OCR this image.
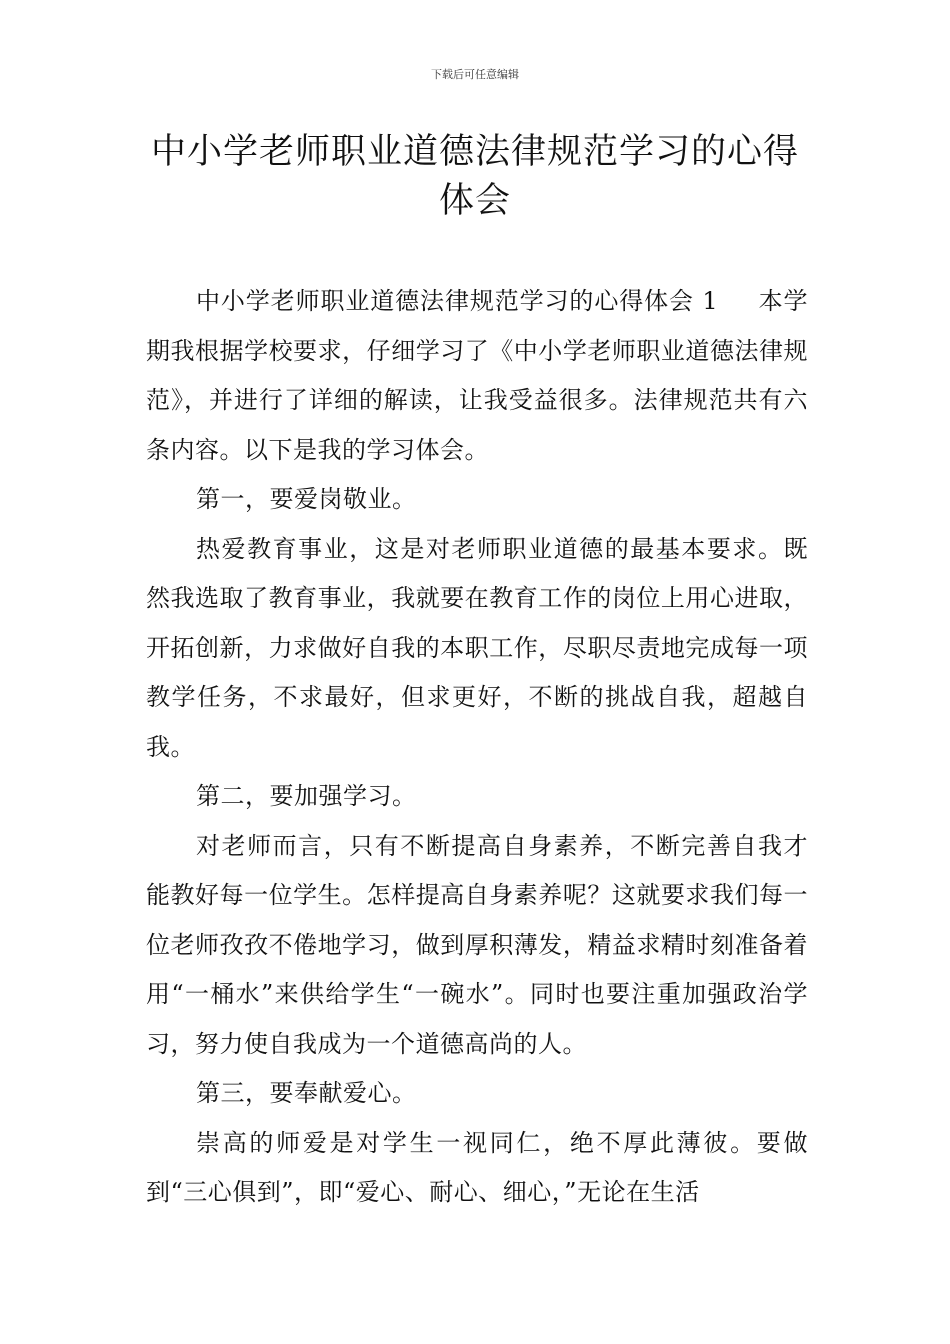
下载后可任意编辑
中小学老师职业道德法律规范学习的心得
体会

中小学老师职业道德法律规范学习的心得体会 1 本学期我根据学校要求，仔细学习了《中小学老师职业道德法律规范》，并进行了详细的解读，让我受益很多。法律规范共有六条内容。以下是我的学习体会。

第一，要爱岗敬业。

热爱教育事业，这是对老师职业道德的最基本要求。既然我选取了教育事业，我就要在教育工作的岗位上用心进取，开拓创新，力求做好自我的本职工作，尽职尽责地完成每一项教学任务，不求最好，但求更好，不断的挑战自我，超越自我。

第二，要加强学习。

对老师而言，只有不断提高自身素养，不断完善自我才能教好每一位学生。怎样提高自身素养呢？这就要求我们每一位老师孜孜不倦地学习，做到厚积薄发，精益求精时刻准备着用“一桶水”来供给学生“一碗水”。同时也要注重加强政治学习，努力使自我成为一个道德高尚的人。

第三，要奉献爱心。

崇高的师爱是对学生一视同仁，绝不厚此薄彼。要做到“三心俱到”，即“爱心、耐心、细心，”无论在生活
